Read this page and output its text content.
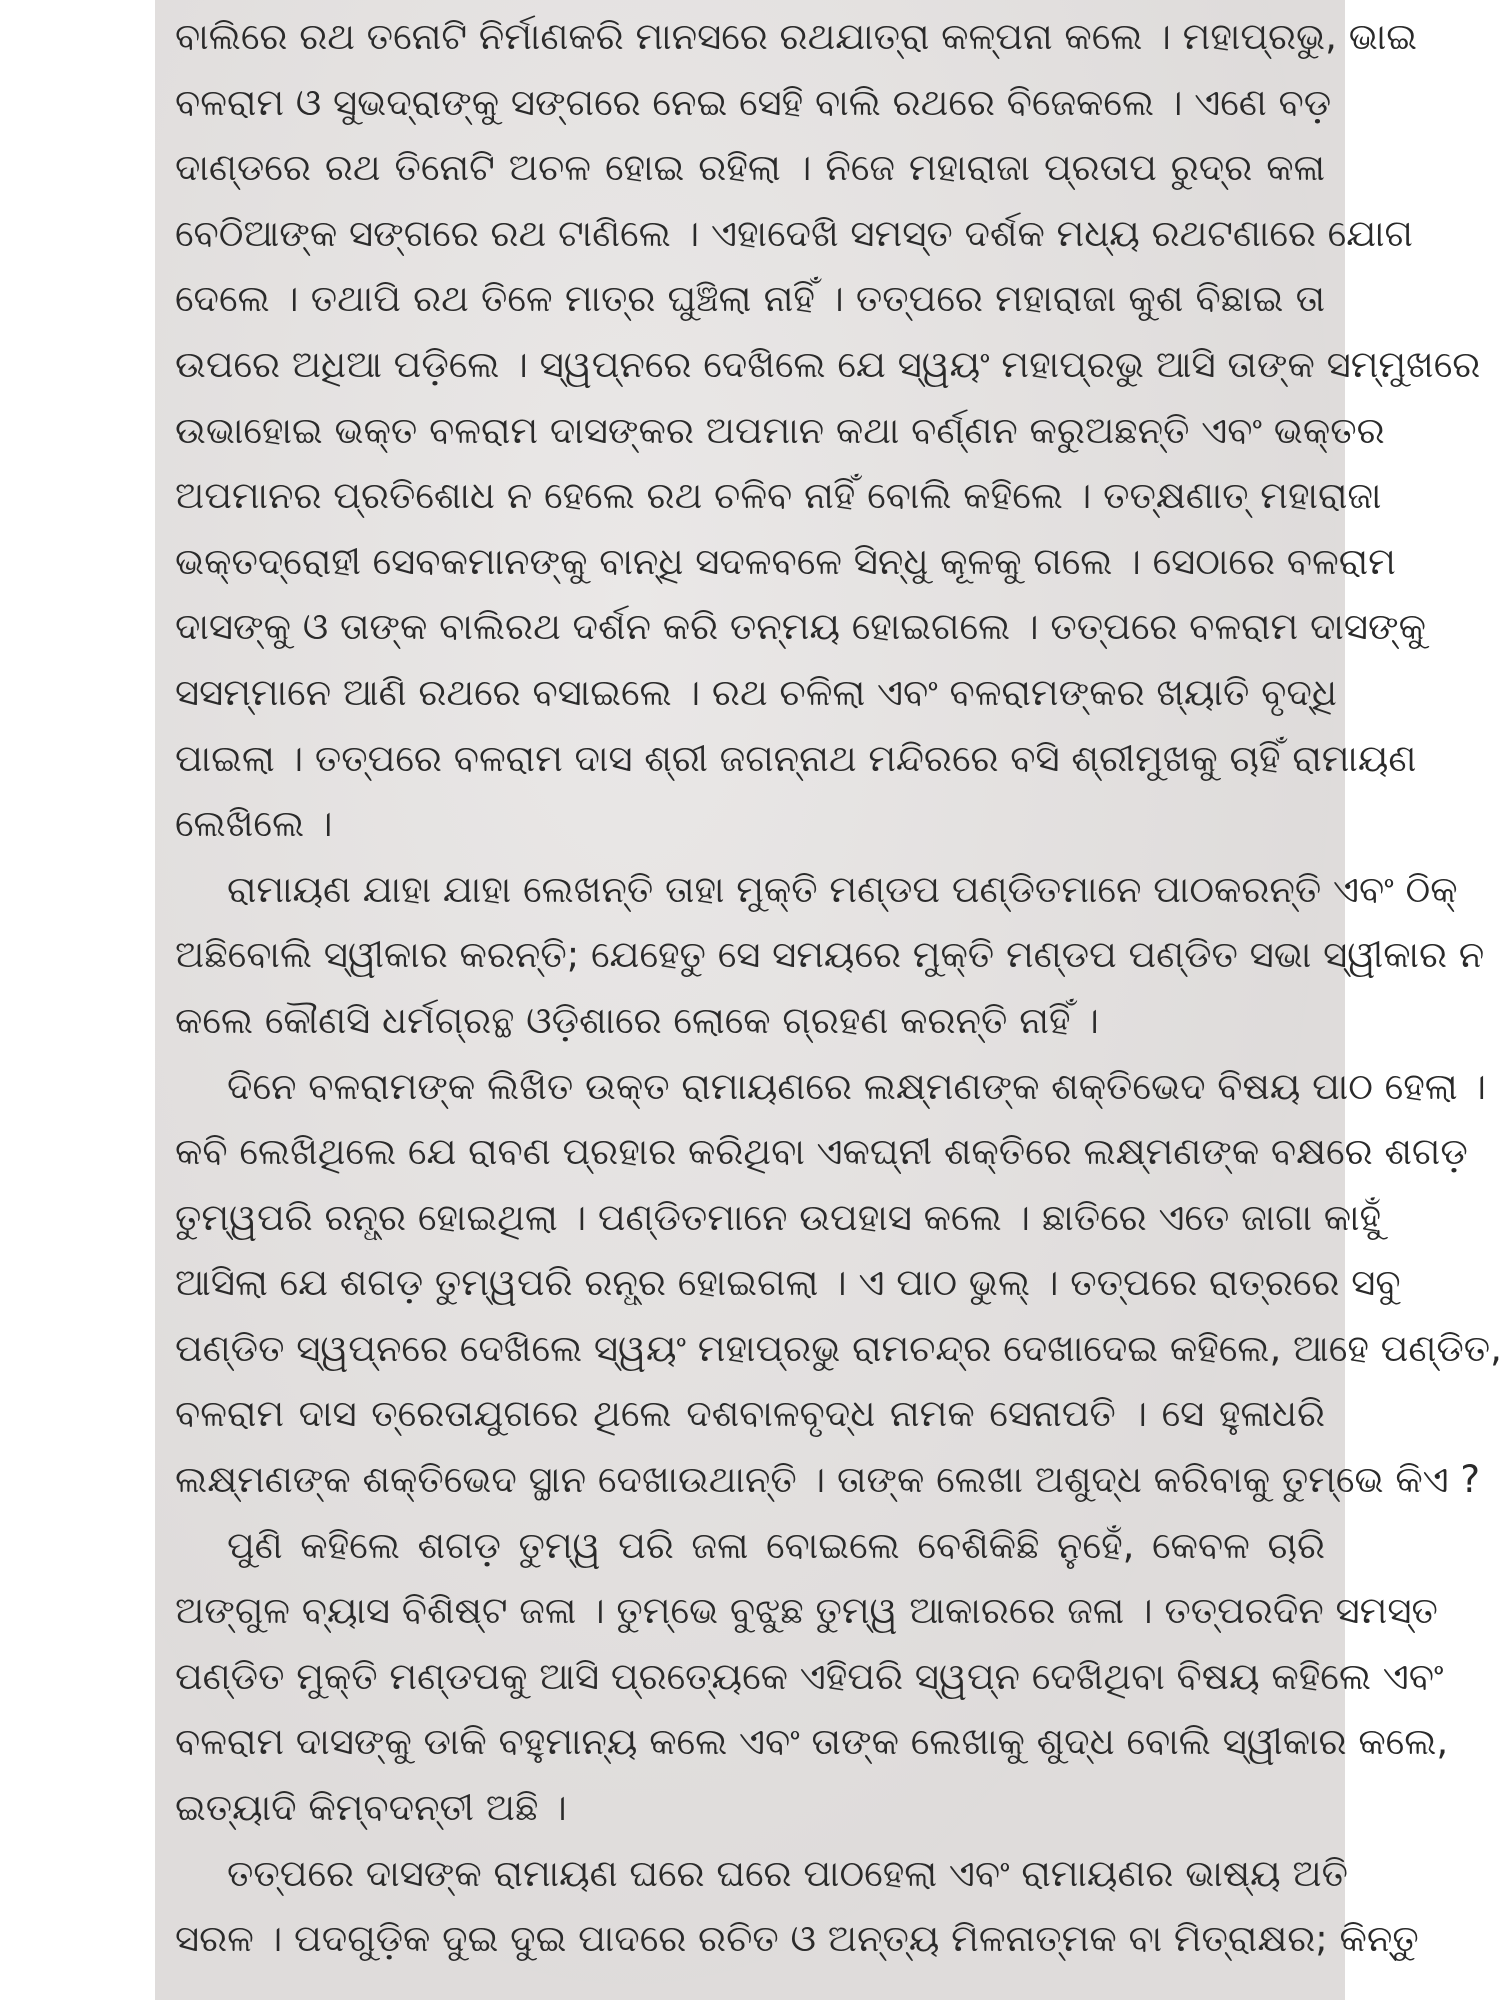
ବାଲିରେ ରଥ ତନୋଟି ନିର୍ମାଣକରି ମାନସରେ ରଥଯାତ୍ରା କଳ୍ପନା କଲେ । ମହାପ୍ରଭୁ, ଭାଇ
ବଳରାମ ଓ ସୁଭଦ୍ରାଙ୍କୁ ସଙ୍ଗରେ ନେଇ ସେହି ବାଲି ରଥରେ ବିଜେକଲେ । ଏଣେ ବଡ଼
ଦାଣ୍ଡରେ ରଥ ତିନୋଟି ଅଚଳ ହୋଇ ରହିଲା । ନିଜେ ମହାରାଜା ପ୍ରତାପ ରୁଦ୍ର କଳା
ବେଠିଆଙ୍କ ସଙ୍ଗରେ ରଥ ଟାଣିଲେ । ଏହାଦେଖି ସମସ୍ତ ଦର୍ଶକ ମଧ୍ୟ ରଥଟଣାରେ ଯୋଗ
ଦେଲେ । ତଥାପି ରଥ ତିଳେ ମାତ୍ର ଘୁଞ୍ଚିଲା ନାହିଁ । ତତ୍ପରେ ମହାରାଜା କୁଶ ବିଛାଇ ତା
ଉପରେ ଅଧିଆ ପଡ଼ିଲେ । ସ୍ୱପ୍ନରେ ଦେଖିଲେ ଯେ ସ୍ୱୟଂ ମହାପ୍ରଭୁ ଆସି ତାଙ୍କ ସମ୍ମୁଖରେ
ଉଭାହୋଇ ଭକ୍ତ ବଳରାମ ଦାସଙ୍କର ଅପମାନ କଥା ବର୍ଣ୍ଣନ କରୁଅଛନ୍ତି ଏବଂ ଭକ୍ତର
ଅପମାନର ପ୍ରତିଶୋଧ ନ ହେଲେ ରଥ ଚଳିବ ନାହିଁ ବୋଲି କହିଲେ । ତତ୍କ୍ଷଣାତ୍ ମହାରାଜା
ଭକ୍ତଦ୍ରୋହୀ ସେବକମାନଙ୍କୁ ବାନ୍ଧି ସଦଳବଳେ ସିନ୍ଧୁ କୂଳକୁ ଗଲେ । ସେଠାରେ ବଳରାମ
ଦାସଙ୍କୁ ଓ ତାଙ୍କ ବାଲିରଥ ଦର୍ଶନ କରି ତନ୍ମୟ ହୋଇଗଲେ । ତତ୍ପରେ ବଳରାମ ଦାସଙ୍କୁ
ସସମ୍ମାନେ ଆଣି ରଥରେ ବସାଇଲେ । ରଥ ଚଳିଲା ଏବଂ ବଳରାମଙ୍କର ଖ୍ୟାତି ବୃଦ୍ଧି
ପାଇଲା । ତତ୍ପରେ ବଳରାମ ଦାସ ଶ୍ରୀ ଜଗନ୍ନାଥ ମନ୍ଦିରରେ ବସି ଶ୍ରୀମୁଖକୁ ଚାହିଁ ରାମାୟଣ
ଲେଖିଲେ ।
ରାମାୟଣ ଯାହା ଯାହା ଲେଖନ୍ତି ତାହା ମୁକ୍ତି ମଣ୍ଡପ ପଣ୍ଡିତମାନେ ପାଠକରନ୍ତି ଏବଂ ଠିକ୍
ଅଛିବୋଲି ସ୍ୱୀକାର କରନ୍ତି; ଯେହେତୁ ସେ ସମୟରେ ମୁକ୍ତି ମଣ୍ଡପ ପଣ୍ଡିତ ସଭା ସ୍ୱୀକାର ନ
କଲେ କୌଣସି ଧର୍ମଗ୍ରନ୍ଥ ଓଡ଼ିଶାରେ ଲୋକେ ଗ୍ରହଣ କରନ୍ତି ନାହିଁ ।
ଦିନେ ବଳରାମଙ୍କ ଲିଖିତ ଉକ୍ତ ରାମାୟଣରେ ଲକ୍ଷ୍ମଣଙ୍କ ଶକ୍ତିଭେଦ ବିଷୟ ପାଠ ହେଲା ।
କବି ଲେଖିଥିଲେ ଯେ ରାବଣ ପ୍ରହାର କରିଥିବା ଏକଘ୍ନୀ ଶକ୍ତିରେ ଲକ୍ଷ୍ମଣଙ୍କ ବକ୍ଷରେ ଶଗଡ଼
ତୁମ୍ୱପରି ରନ୍ଧ୍ର ହୋଇଥିଲା । ପଣ୍ଡିତମାନେ ଉପହାସ କଲେ । ଛାତିରେ ଏତେ ଜାଗା କାହୁଁ
ଆସିଲା ଯେ ଶଗଡ଼ ତୁମ୍ୱପରି ରନ୍ଧ୍ର ହୋଇଗଲା । ଏ ପାଠ ଭୁଲ୍ । ତତ୍ପରେ ରାତ୍ରରେ ସବୁ
ପଣ୍ଡିତ ସ୍ୱପ୍ନରେ ଦେଖିଲେ ସ୍ୱୟଂ ମହାପ୍ରଭୁ ରାମଚନ୍ଦ୍ର ଦେଖାଦେଇ କହିଲେ, ଆହେ ପଣ୍ଡିତ,
ବଳରାମ ଦାସ ତ୍ରେତାଯୁଗରେ ଥିଲେ ଦଶବାଳବୃଦ୍ଧ ନାମକ ସେନାପତି । ସେ ହୁଳାଧରି
ଲକ୍ଷ୍ମଣଙ୍କ ଶକ୍ତିଭେଦ ସ୍ଥାନ ଦେଖାଉଥାନ୍ତି । ତାଙ୍କ ଲେଖା ଅଶୁଦ୍ଧ କରିବାକୁ ତୁମ୍ଭେ କିଏ ?
ପୁଣି କହିଲେ ଶଗଡ଼ ତୁମ୍ୱ ପରି ଜଳା ବୋଇଲେ ବେଶିକିଛି ନୁହେଁ, କେବଳ ଚାରି
ଅଙ୍ଗୁଳ ବ୍ୟାସ ବିଶିଷ୍ଟ ଜଳା । ତୁମ୍ଭେ ବୁଝୁଛ ତୁମ୍ୱ ଆକାରରେ ଜଳା । ତତ୍ପରଦିନ ସମସ୍ତ
ପଣ୍ଡିତ ମୁକ୍ତି ମଣ୍ଡପକୁ ଆସି ପ୍ରତ୍ୟେକେ ଏହିପରି ସ୍ୱପ୍ନ ଦେଖିଥିବା ବିଷୟ କହିଲେ ଏବଂ
ବଳରାମ ଦାସଙ୍କୁ ଡାକି ବହୁମାନ୍ୟ କଲେ ଏବଂ ତାଙ୍କ ଲେଖାକୁ ଶୁଦ୍ଧ ବୋଲି ସ୍ୱୀକାର କଲେ,
ଇତ୍ୟାଦି କିମ୍ବଦନ୍ତୀ ଅଛି ।
ତତ୍ପରେ ଦାସଙ୍କ ରାମାୟଣ ଘରେ ଘରେ ପାଠହେଲା ଏବଂ ରାମାୟଣର ଭାଷ୍ୟ ଅତି
ସରଳ । ପଦଗୁଡ଼ିକ ଦୁଇ ଦୁଇ ପାଦରେ ରଚିତ ଓ ଅନ୍ତ୍ୟ ମିଳନାତ୍ମକ ବା ମିତ୍ରାକ୍ଷର; କିନ୍ତୁ
